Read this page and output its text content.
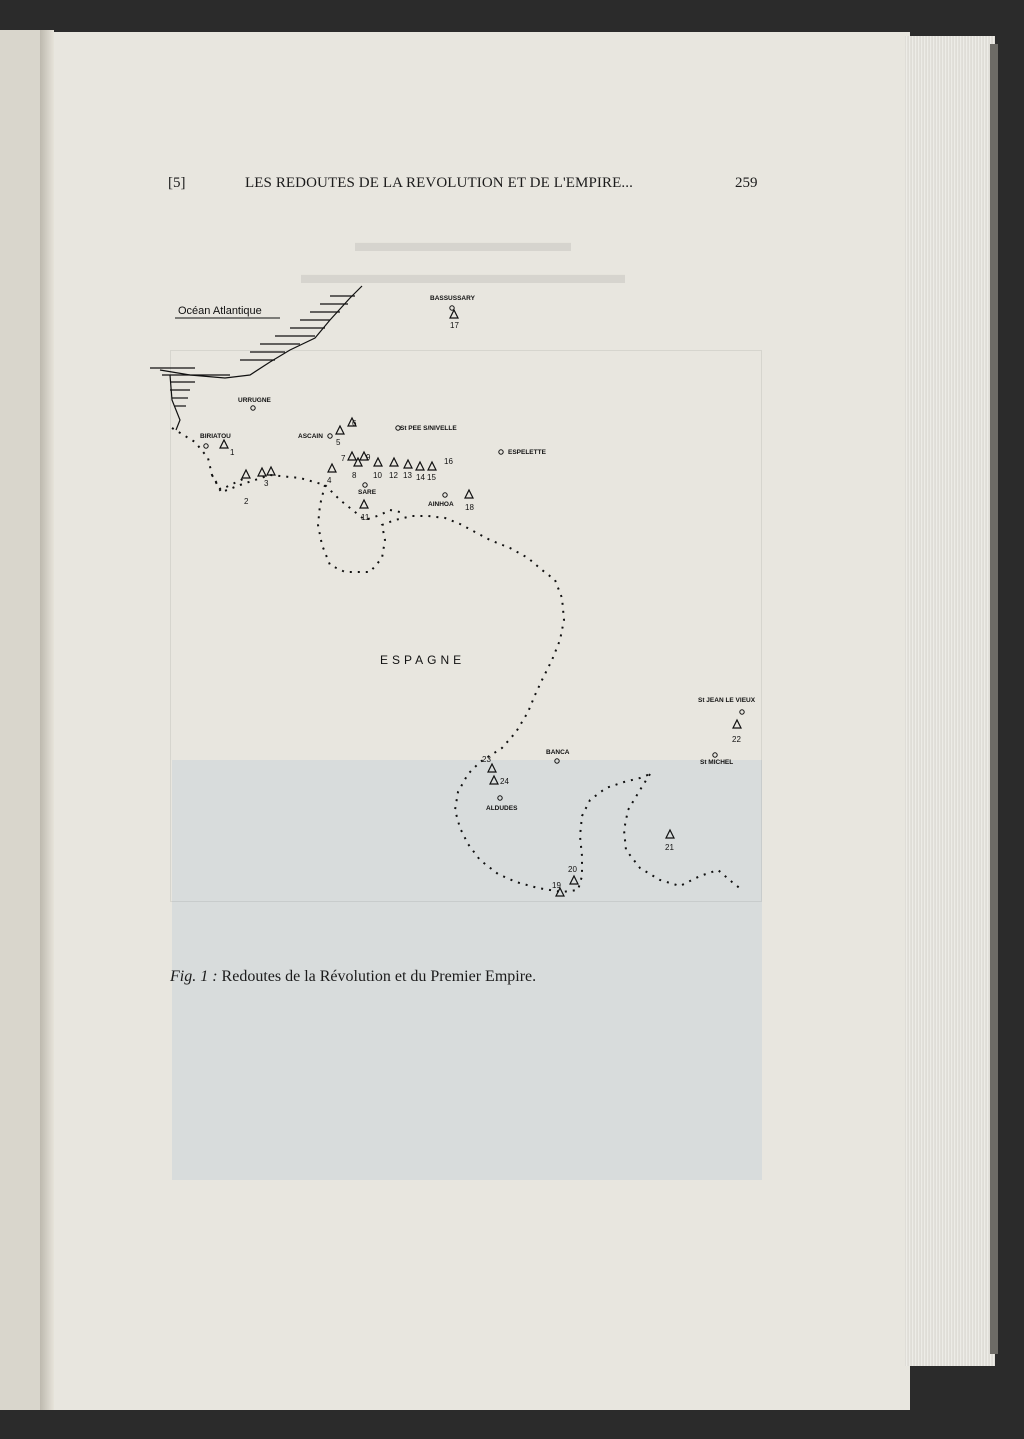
▬▬▬▬▬▬▬▬
▬▬▬▬▬▬▬▬▬▬▬▬
[5]	LES REDOUTES DE LA REVOLUTION ET DE L'EMPIRE...	259
Océan Atlantique
ESPAGNE
BASSUSSARY
URRUGNE
BIRIATOU	ASCAIN
St PEE S/NIVELLE
ESPELETTE
SARE
AINHOA
St JEAN LE VIEUX
BANCA
St MICHEL
ALDUDES
1
2
3	4
5
6
7
8
9
10
11
12 13 14 15
16
17
18
19
20
21
22
23
24
Fig. 1 : Redoutes de la Révolution et du Premier Empire.
